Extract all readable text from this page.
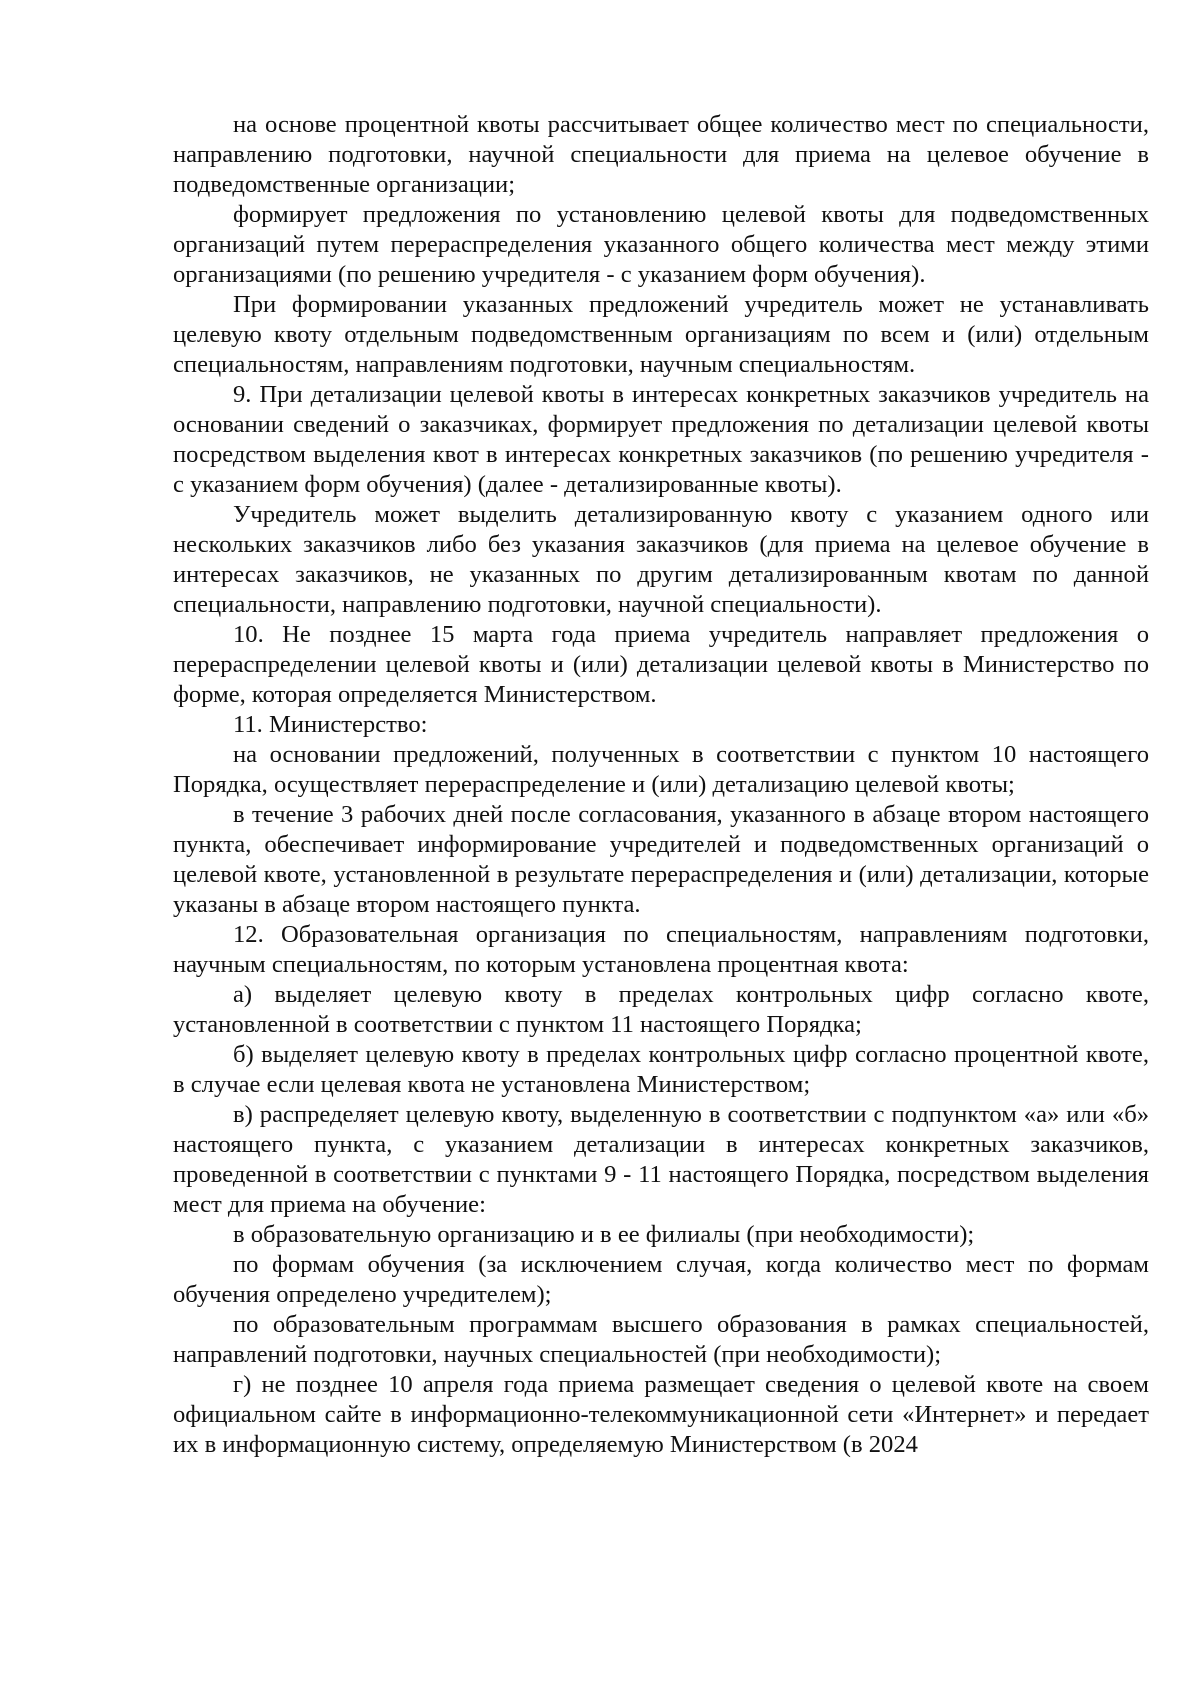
на основе процентной квоты рассчитывает общее количество мест по специальности, направлению подготовки, научной специальности для приема на целевое обучение в подведомственные организации;

формирует предложения по установлению целевой квоты для подведомственных организаций путем перераспределения указанного общего количества мест между этими организациями (по решению учредителя - с указанием форм обучения).

При формировании указанных предложений учредитель может не устанавливать целевую квоту отдельным подведомственным организациям по всем и (или) отдельным специальностям, направлениям подготовки, научным специальностям.

9. При детализации целевой квоты в интересах конкретных заказчиков учредитель на основании сведений о заказчиках, формирует предложения по детализации целевой квоты посредством выделения квот в интересах конкретных заказчиков (по решению учредителя - с указанием форм обучения) (далее - детализированные квоты).

Учредитель может выделить детализированную квоту с указанием одного или нескольких заказчиков либо без указания заказчиков (для приема на целевое обучение в интересах заказчиков, не указанных по другим детализированным квотам по данной специальности, направлению подготовки, научной специальности).

10. Не позднее 15 марта года приема учредитель направляет предложения о перераспределении целевой квоты и (или) детализации целевой квоты в Министерство по форме, которая определяется Министерством.

11. Министерство:

на основании предложений, полученных в соответствии с пунктом 10 настоящего Порядка, осуществляет перераспределение и (или) детализацию целевой квоты;

в течение 3 рабочих дней после согласования, указанного в абзаце втором настоящего пункта, обеспечивает информирование учредителей и подведомственных организаций о целевой квоте, установленной в результате перераспределения и (или) детализации, которые указаны в абзаце втором настоящего пункта.

12. Образовательная организация по специальностям, направлениям подготовки, научным специальностям, по которым установлена процентная квота:

а) выделяет целевую квоту в пределах контрольных цифр согласно квоте, установленной в соответствии с пунктом 11 настоящего Порядка;

б) выделяет целевую квоту в пределах контрольных цифр согласно процентной квоте, в случае если целевая квота не установлена Министерством;

в) распределяет целевую квоту, выделенную в соответствии с подпунктом «а» или «б» настоящего пункта, с указанием детализации в интересах конкретных заказчиков, проведенной в соответствии с пунктами 9 - 11 настоящего Порядка, посредством выделения мест для приема на обучение:

в образовательную организацию и в ее филиалы (при необходимости);

по формам обучения (за исключением случая, когда количество мест по формам обучения определено учредителем);

по образовательным программам высшего образования в рамках специальностей, направлений подготовки, научных специальностей (при необходимости);

г) не позднее 10 апреля года приема размещает сведения о целевой квоте на своем официальном сайте в информационно-телекоммуникационной сети «Интернет» и передает их в информационную систему, определяемую Министерством (в 2024
